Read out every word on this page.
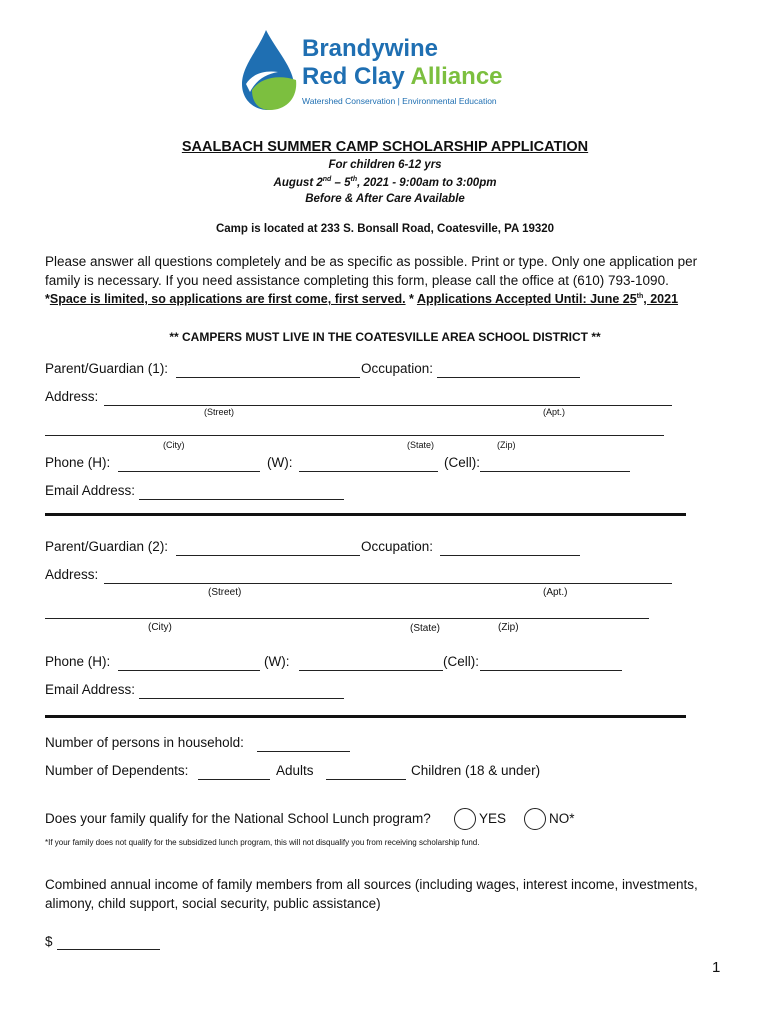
Brandywine
Red Clay Alliance
Watershed Conservation | Environmental Education
SAALBACH SUMMER CAMP SCHOLARSHIP APPLICATION
For children 6-12 yrs
August 2nd – 5th, 2021 - 9:00am to 3:00pm
Before & After Care Available
Camp is located at 233 S. Bonsall Road, Coatesville, PA 19320
Please answer all questions completely and be as specific as possible. Print or type. Only one application per
family is necessary. If you need assistance completing this form, please call the office at (610) 793-1090.
*Space is limited, so applications are first come, first served. * Applications Accepted Until: June 25th, 2021
** CAMPERS MUST LIVE IN THE COATESVILLE AREA SCHOOL DISTRICT **
Parent/Guardian (1):	Occupation:
Address:
(Street)	(Apt.)
(City)	(State)	(Zip)
Phone (H):	(W):	(Cell):
Email Address:
Parent/Guardian (2):	Occupation:
Address:
(Street)	(Apt.)
(City)	(State)	(Zip)
Phone (H):	(W):	(Cell):
Email Address:
Number of persons in household:
Number of Dependents:	Adults	Children (18 & under)
Does your family qualify for the National School Lunch program?	YES	NO*
*If your family does not qualify for the subsidized lunch program, this will not disqualify you from receiving scholarship fund.
Combined annual income of family members from all sources (including wages, interest income, investments,
alimony, child support, social security, public assistance)
$
1
